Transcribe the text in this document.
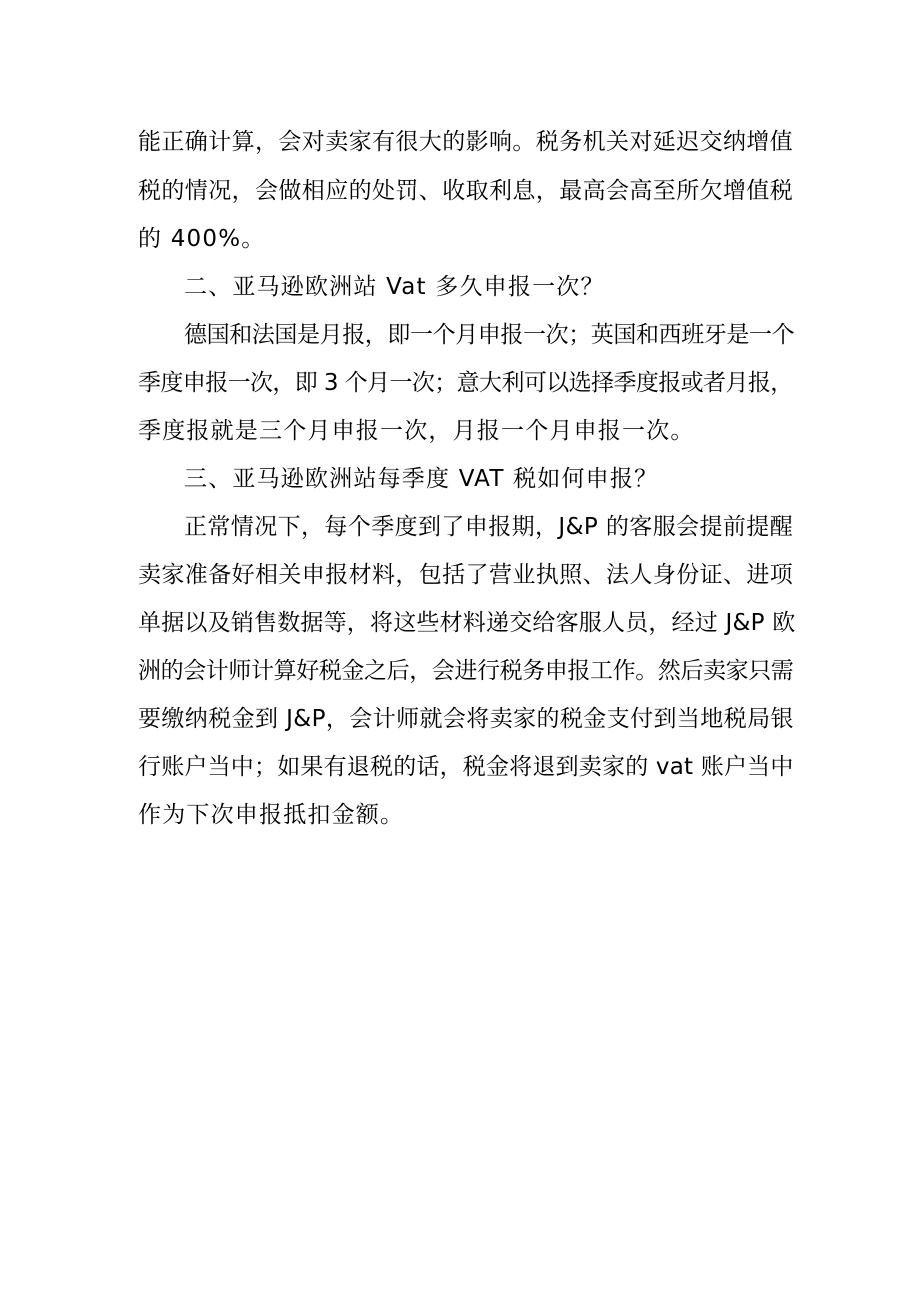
能正确计算，会对卖家有很大的影响。税务机关对延迟交纳增值
税的情况，会做相应的处罚、收取利息，最高会高至所欠增值税
的 400%。
二、亚马逊欧洲站 Vat 多久申报一次？
德国和法国是月报，即一个月申报一次；英国和西班牙是一个
季度申报一次，即 3 个月一次；意大利可以选择季度报或者月报，
季度报就是三个月申报一次，月报一个月申报一次。
三、亚马逊欧洲站每季度 VAT 税如何申报？
正常情况下，每个季度到了申报期，J&P 的客服会提前提醒
卖家准备好相关申报材料，包括了营业执照、法人身份证、进项
单据以及销售数据等，将这些材料递交给客服人员，经过 J&P 欧
洲的会计师计算好税金之后，会进行税务申报工作。然后卖家只需
要缴纳税金到 J&P，会计师就会将卖家的税金支付到当地税局银
行账户当中；如果有退税的话，税金将退到卖家的 vat 账户当中
作为下次申报抵扣金额。
